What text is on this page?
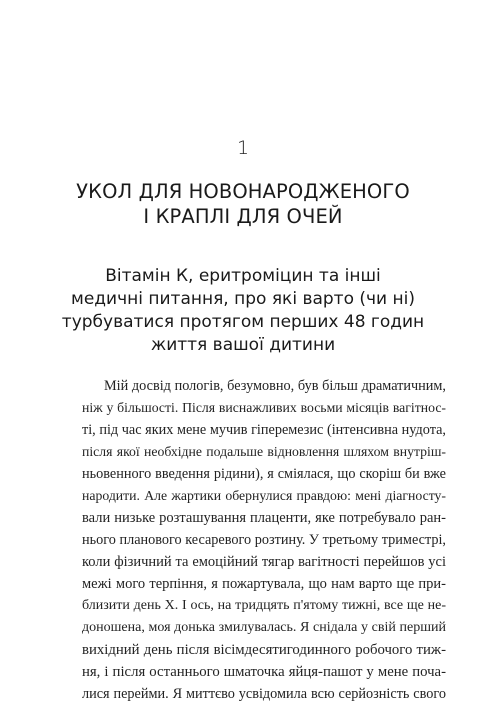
1
УКОЛ ДЛЯ НОВОНАРОДЖЕНОГО
І КРАПЛІ ДЛЯ ОЧЕЙ
Вітамін К, еритроміцин та інші
медичні питання, про які варто (чи ні)
турбуватися протягом перших 48 годин
життя вашої дитини
Мій досвід пологів, безумовно, був більш драматичним,
ніж у більшості. Після виснажливих восьми місяців вагітнос-
ті, під час яких мене мучив гіперемезис (інтенсивна нудота,
після якої необхідне подальше відновлення шляхом внутріш-
ньовенного введення рідини), я сміялася, що скоріш би вже
народити. Але жартики обернулися правдою: мені діагносту-
вали низьке розташування плаценти, яке потребувало ран-
нього планового кесаревого розтину. У третьому триместрі,
коли фізичний та емоційний тягар вагітності перейшов усі
межі мого терпіння, я пожартувала, що нам варто ще при-
близити день Х. І ось, на тридцять п'ятому тижні, все ще не-
доношена, моя донька змилувалась. Я снідала у свій перший
вихідний день після вісімдесятигодинного робочого тиж-
ня, і після останнього шматочка яйця-пашот у мене поча-
лися перейми. Я миттєво усвідомила всю серйозність свого
